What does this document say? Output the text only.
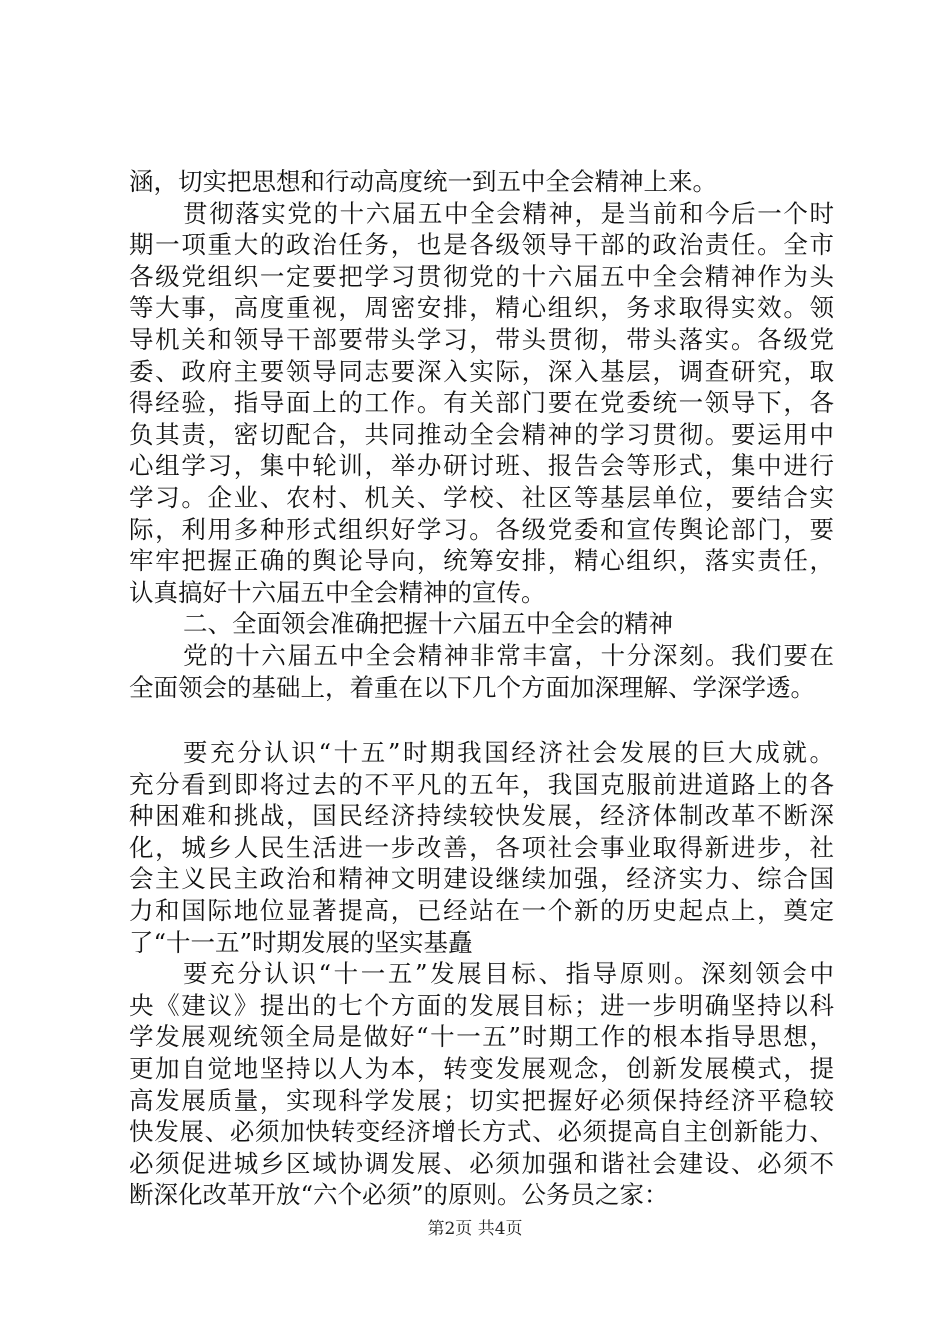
涵，切实把思想和行动高度统一到五中全会精神上来。
贯彻落实党的十六届五中全会精神，是当前和今后一个时
期一项重大的政治任务，也是各级领导干部的政治责任。全市
各级党组织一定要把学习贯彻党的十六届五中全会精神作为头
等大事，高度重视，周密安排，精心组织，务求取得实效。领
导机关和领导干部要带头学习，带头贯彻，带头落实。各级党
委、政府主要领导同志要深入实际，深入基层，调查研究，取
得经验，指导面上的工作。有关部门要在党委统一领导下，各
负其责，密切配合，共同推动全会精神的学习贯彻。要运用中
心组学习，集中轮训，举办研讨班、报告会等形式，集中进行
学习。企业、农村、机关、学校、社区等基层单位，要结合实
际，利用多种形式组织好学习。各级党委和宣传舆论部门，要
牢牢把握正确的舆论导向，统筹安排，精心组织，落实责任，
认真搞好十六届五中全会精神的宣传。
二、全面领会准确把握十六届五中全会的精神
党的十六届五中全会精神非常丰富，十分深刻。我们要在
全面领会的基础上，着重在以下几个方面加深理解、学深学透。
要充分认识“十五”时期我国经济社会发展的巨大成就。
充分看到即将过去的不平凡的五年，我国克服前进道路上的各
种困难和挑战，国民经济持续较快发展，经济体制改革不断深
化，城乡人民生活进一步改善，各项社会事业取得新进步，社
会主义民主政治和精神文明建设继续加强，经济实力、综合国
力和国际地位显著提高，已经站在一个新的历史起点上，奠定
了“十一五”时期发展的坚实基矗
要充分认识“十一五”发展目标、指导原则。深刻领会中
央《建议》提出的七个方面的发展目标；进一步明确坚持以科
学发展观统领全局是做好“十一五”时期工作的根本指导思想，
更加自觉地坚持以人为本，转变发展观念，创新发展模式，提
高发展质量，实现科学发展；切实把握好必须保持经济平稳较
快发展、必须加快转变经济增长方式、必须提高自主创新能力、
必须促进城乡区域协调发展、必须加强和谐社会建设、必须不
断深化改革开放“六个必须”的原则。公务员之家：
第2页 共4页
